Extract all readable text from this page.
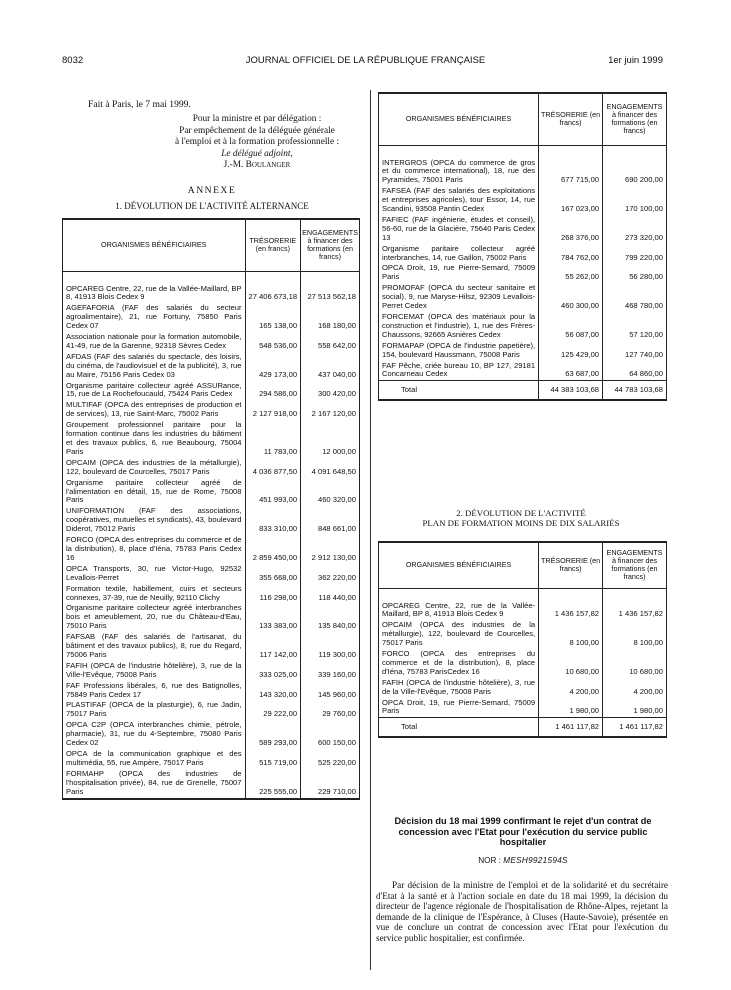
8032	JOURNAL OFFICIEL DE LA RÉPUBLIQUE FRANÇAISE	1er juin 1999
Fait à Paris, le 7 mai 1999.
Pour la ministre et par délégation :
Par empêchement de la déléguée générale
à l'emploi et à la formation professionnelle :
Le délégué adjoint,
J.-M. Boulanger
ANNEXE
1. DÉVOLUTION DE L'ACTIVITÉ ALTERNANCE
ORGANISMES BÉNÉFICIAIRES	TRÉSORERIE (en francs)	ENGAGEMENTS à financer des formations (en francs)

OPCAREG Centre, 22, rue de la Vallée-Maillard, BP 8, 41913 Blois Cedex 9	27 406 673,18	27 513 562,18
AGEFAFORIA (FAF des salariés du secteur agroalimentaire), 21, rue Fortuny, 75850 Paris Cedex 07	165 138,00	168 180,00
Association nationale pour la formation automobile, 41-49, rue de la Garenne, 92318 Sèvres Cedex	548 536,00	558 642,00
AFDAS (FAF des salariés du spectacle, des loisirs, du cinéma, de l'audiovisuel et de la publicité), 3, rue au Maire, 75156 Paris Cedex 03	429 173,00	437 040,00
Organisme paritaire collecteur agréé ASSURance, 15, rue de La Rochefoucauld, 75424 Paris Cedex	294 586,00	300 420,00
MULTIFAF (OPCA des entreprises de production et de services), 13, rue Saint-Marc, 75002 Paris	2 127 918,00	2 167 120,00
Groupement professionnel paritaire pour la formation continue dans les industries du bâtiment et des travaux publics, 6, rue Beaubourg, 75004 Paris	11 783,00	12 000,00
OPCAIM (OPCA des industries de la métallurgie), 122, boulevard de Courcelles, 75017 Paris	4 036 877,50	4 091 648,50
Organisme paritaire collecteur agréé de l'alimentation en détail, 15, rue de Rome, 75008 Paris	451 993,00	460 320,00
UNIFORMATION (FAF des associations, coopératives, mutuelles et syndicats), 43, boulevard Diderot, 75012 Paris	833 310,00	848 661,00
FORCO (OPCA des entreprises du commerce et de la distribution), 8, place d'Iéna, 75783 Paris Cedex 16	2 859 450,00	2 912 130,00
OPCA Transports, 30, rue Victor-Hugo, 92532 Levallois-Perret	355 668,00	362 220,00
Formation textile, habillement, cuirs et secteurs connexes, 37-39, rue de Neuilly, 92110 Clichy	116 298,00	118 440,00
Organisme paritaire collecteur agréé interbranches bois et ameublement, 20, rue du Château-d'Eau, 75010 Paris	133 383,00	135 840,00
FAFSAB (FAF des salariés de l'artisanat, du bâtiment et des travaux publics), 8, rue du Regard, 75006 Paris	117 142,00	119 300,00
FAFIH (OPCA de l'industrie hôtelière), 3, rue de la Ville-l'Evêque, 75008 Paris	333 025,00	339 160,00
FAF Professions libérales, 6, rue des Batignolles, 75849 Paris Cedex 17	143 320,00	145 960,00
PLASTIFAF (OPCA de la plasturgie), 6, rue Jadin, 75017 Paris	29 222,00	29 760,00
OPCA C2P (OPCA interbranches chimie, pétrole, pharmacie), 31, rue du 4-Septembre, 75080 Paris Cedex 02	589 293,00	600 150,00
OPCA de la communication graphique et des multimédia, 55, rue Ampère, 75017 Paris	515 719,00	525 220,00
FORMAHP (OPCA des industries de l'hospitalisation privée), 84, rue de Grenelle, 75007 Paris	225 555,00	229 710,00
ORGANISMES BÉNÉFICIAIRES	TRÉSORERIE (en francs)	ENGAGEMENTS à financer des formations (en francs)

INTERGROS (OPCA du commerce de gros et du commerce international), 18, rue des Pyramides, 75001 Paris	677 715,00	690 200,00
FAFSEA (FAF des salariés des exploitations et entreprises agricoles), tour Essor, 14, rue Scandini, 93508 Pantin Cedex	167 023,00	170 100,00
FAFIEC (FAF ingénierie, études et conseil), 56-60, rue de la Glacière, 75640 Paris Cedex 13	268 376,00	273 320,00
Organisme paritaire collecteur agréé interbranches, 14, rue Gaillon, 75002 Paris	784 762,00	799 220,00
OPCA Droit, 19, rue Pierre-Semard, 75009 Paris	55 262,00	56 280,00
PROMOFAF (OPCA du secteur sanitaire et social), 9, rue Maryse-Hilsz, 92309 Levallois-Perret Cedex	460 300,00	468 780,00
FORCEMAT (OPCA des matériaux pour la construction et l'industrie), 1, rue des Frères-Chaussons, 92665 Asnières Cedex	56 087,00	57 120,00
FORMAPAP (OPCA de l'industrie papetière), 154, boulevard Haussmann, 75008 Paris	125 429,00	127 740,00
FAF Pêche, criée bureau 10, BP 127, 29181 Concarneau Cedex	63 687,00	64 860,00
Total	44 383 103,68	44 783 103,68
2. DÉVOLUTION DE L'ACTIVITÉ
PLAN DE FORMATION MOINS DE DIX SALARIÉS
ORGANISMES BÉNÉFICIAIRES	TRÉSORERIE (en francs)	ENGAGEMENTS à financer des formations (en francs)

OPCAREG Centre, 22, rue de la Vallée-Maillard, BP 8, 41913 Blois Cedex 9	1 436 157,82	1 436 157,82
OPCAIM (OPCA des industries de la métallurgie), 122, boulevard de Courcelles, 75017 Paris	8 100,00	8 100,00
FORCO (OPCA des entreprises du commerce et de la distribution), 8, place d'Iéna, 75783 ParisCedex 16	10 680,00	10 680,00
FAFIH (OPCA de l'industrie hôtelière), 3, rue de la Ville-l'Evêque, 75008 Paris	4 200,00	4 200,00
OPCA Droit, 19, rue Pierre-Semard, 75009 Paris	1 980,00	1 980,00
Total	1 461 117,82	1 461 117,82
Décision du 18 mai 1999 confirmant le rejet d'un contrat de concession avec l'Etat pour l'exécution du service public hospitalier
NOR : MESH9921594S
Par décision de la ministre de l'emploi et de la solidarité et du secrétaire d'Etat à la santé et à l'action sociale en date du 18 mai 1999, la décision du directeur de l'agence régionale de l'hospitalisation de Rhône-Alpes, rejetant la demande de la clinique de l'Espérance, à Cluses (Haute-Savoie), présentée en vue de conclure un contrat de concession avec l'Etat pour l'exécution du service public hospitalier, est confirmée.
